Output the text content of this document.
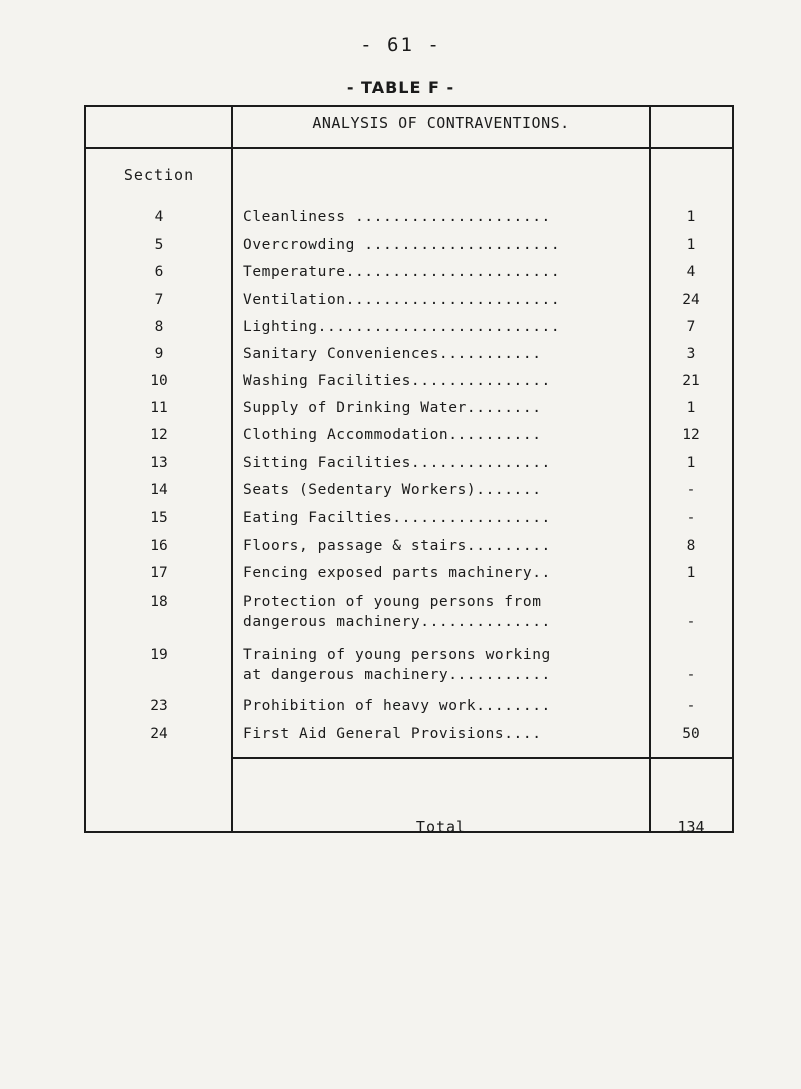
- 61 -
- TABLE F -
ANALYSIS OF CONTRAVENTIONS.
Section
4	Cleanliness .....................	1
5	Overcrowding .....................	1
6	Temperature.......................	4
7	Ventilation.......................	24
8	Lighting..........................	7
9	Sanitary Conveniences...........	3
10	Washing Facilities...............	21
11	Supply of Drinking Water........	1
12	Clothing Accommodation..........	12
13	Sitting Facilities...............	1
14	Seats (Sedentary Workers).......	-
15	Eating Facilties.................	-
16	Floors, passage & stairs.........	8
17	Fencing exposed parts machinery..	1
18	Protection of young persons from
dangerous machinery..............	-
19	Training of young persons working
at dangerous machinery...........	-
23	Prohibition of heavy work........	-
24	First Aid General Provisions....	50
Total	134
